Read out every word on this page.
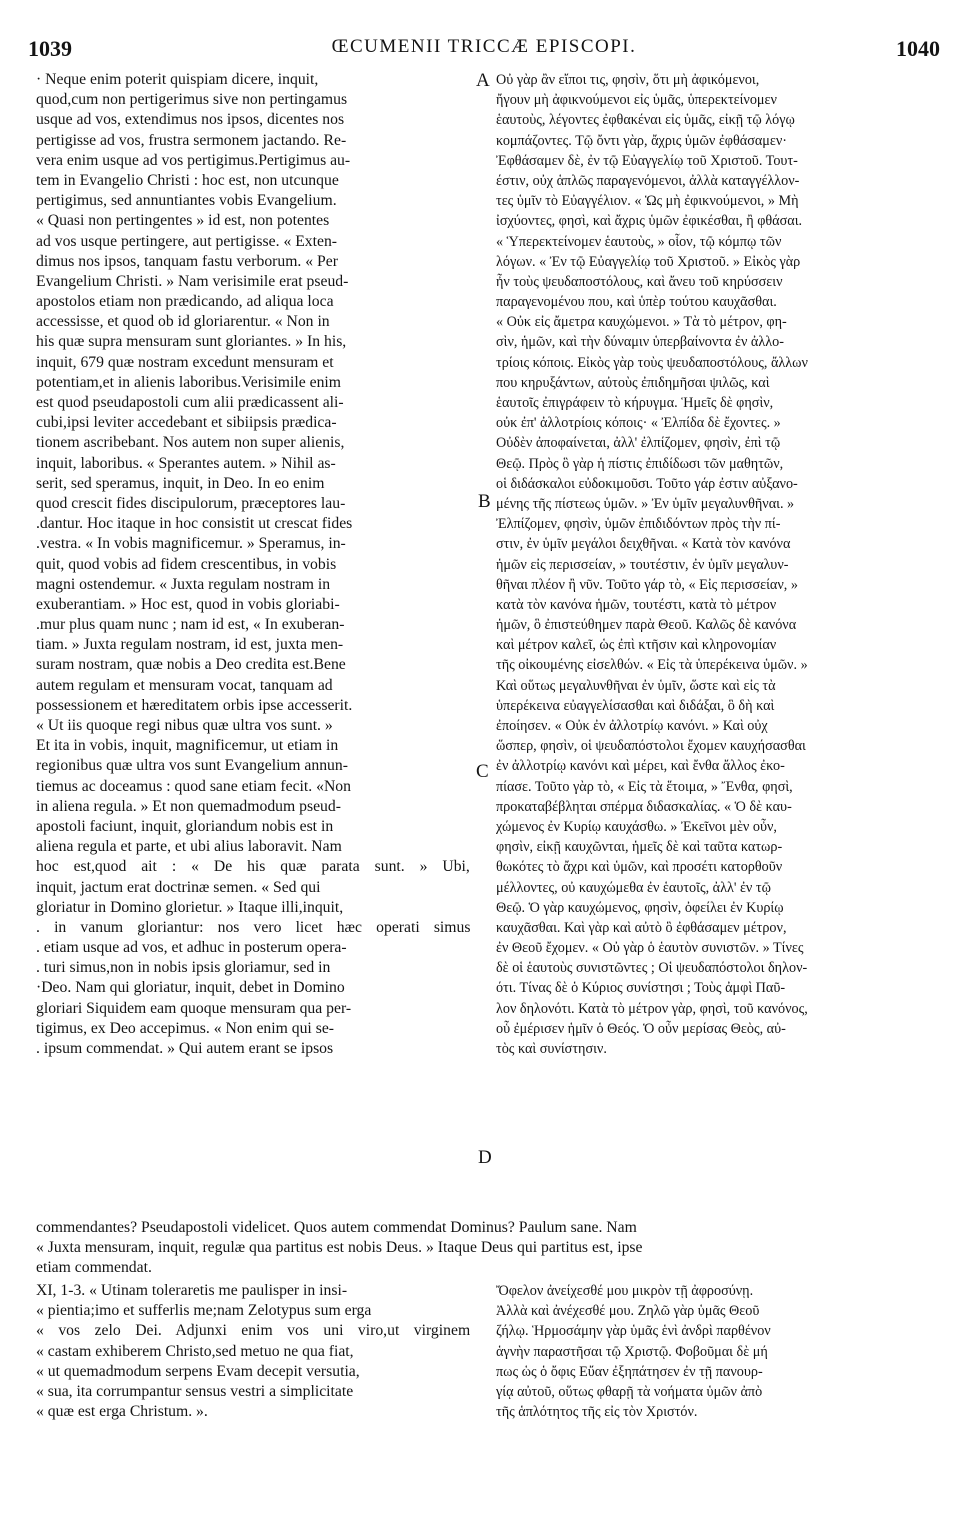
1039	ŒCUMENII TRICCÆ EPISCOPI.	1040
A
B
C
D
· Neque enim poterit quispiam dicere, inquit,
quod,cum non pertigerimus sive non pertingamus
usque ad vos, extendimus nos ipsos, dicentes nos
pertigisse ad vos, frustra sermonem jactando. Re-
vera enim usque ad vos pertigimus.Pertigimus au-
tem in Evangelio Christi : hoc est, non utcunque
pertigimus, sed annuntiantes vobis Evangelium.
« Quasi non pertingentes » id est, non potentes
ad vos usque pertingere, aut pertigisse. « Exten-
dimus nos ipsos, tanquam fastu verborum. « Per
Evangelium Christi. » Nam verisimile erat pseud-
apostolos etiam non prædicando, ad aliqua loca
accessisse, et quod ob id gloriarentur. « Non in
his quæ supra mensuram sunt gloriantes. » In his,
inquit, 679 quæ nostram excedunt mensuram et
potentiam,et in alienis laboribus.Verisimile enim
est quod pseudapostoli cum alii prædicassent ali-
cubi,ipsi leviter accedebant et sibiipsis prædica-
tionem ascribebant. Nos autem non super alienis,
inquit, laboribus. « Sperantes autem. » Nihil as-
serit, sed speramus, inquit, in Deo. In eo enim
quod crescit fides discipulorum, præceptores lau-
.dantur. Hoc itaque in hoc consistit ut crescat fides
.vestra. « In vobis magnificemur. » Speramus, in-
quit, quod vobis ad fidem crescentibus, in vobis
magni ostendemur. « Juxta regulam nostram in
exuberantiam. » Hoc est, quod in vobis gloriabi-
.mur plus quam nunc ; nam id est, « In exuberan-
tiam. » Juxta regulam nostram, id est, juxta men-
suram nostram, quæ nobis a Deo credita est.Bene
autem regulam et mensuram vocat, tanquam ad
possessionem et hæreditatem orbis ipse accesserit.
« Ut iis quoque regi nibus quæ ultra vos sunt. »
Et ita in vobis, inquit, magnificemur, ut etiam in
regionibus quæ ultra vos sunt Evangelium annun-
tiemus ac doceamus : quod sane etiam fecit. «Non
in aliena regula. » Et non quemadmodum pseud-
apostoli faciunt, inquit, gloriandum nobis est in
aliena regula et parte, et ubi alius laboravit. Nam
hoc est,quod ait : « De his quæ parata sunt. » Ubi,
inquit, jactum erat doctrinæ semen. « Sed qui
gloriatur in Domino glorietur. » Itaque illi,inquit,
. in vanum gloriantur: nos vero licet hæc operati simus
. etiam usque ad vos, et adhuc in posterum opera-
. turi simus,non in nobis ipsis gloriamur, sed in
·Deo. Nam qui gloriatur, inquit, debet in Domino
gloriari Siquidem eam quoque mensuram qua per-
tigimus, ex Deo accepimus. « Non enim qui se-
. ipsum commendat. » Qui autem erant se ipsos
Οὐ γὰρ ἂν εἴποι τις, φησὶν, ὅτι μὴ ἀφικόμενοι,
ἤγουν μὴ ἀφικνούμενοι εἰς ὑμᾶς, ὑπερεκτείνομεν
ἑαυτοὺς, λέγοντες ἐφθακέναι εἰς ὑμᾶς, εἰκῇ τῷ λόγῳ
κομπάζοντες. Τῷ ὄντι γὰρ, ἄχρις ὑμῶν ἐφθάσαμεν·
Ἐφθάσαμεν δὲ, ἐν τῷ Εὐαγγελίῳ τοῦ Χριστοῦ. Τουτ-
έστιν, οὐχ ἁπλῶς παραγενόμενοι, ἀλλὰ καταγγέλλον-
τες ὑμῖν τὸ Εὐαγγέλιον. « Ὡς μὴ ἐφικνούμενοι, » Μὴ
ἰσχύοντες, φησὶ, καὶ ἄχρις ὑμῶν ἐφικέσθαι, ἢ φθάσαι.
« Ὑπερεκτείνομεν ἑαυτοὺς, » οἷον, τῷ κόμπῳ τῶν
λόγων. « Ἐν τῷ Εὐαγγελίῳ τοῦ Χριστοῦ. » Εἰκὸς γὰρ
ἦν τοὺς ψευδαποστόλους, καὶ ἄνευ τοῦ κηρύσσειν
παραγενομένου που, καὶ ὑπὲρ τούτου καυχᾶσθαι.
« Οὐκ εἰς ἄμετρα καυχώμενοι. » Τὰ τὸ μέτρον, φη-
σὶν, ἡμῶν, καὶ τὴν δύναμιν ὑπερβαίνοντα ἐν ἀλλο-
τρίοις κόποις. Εἰκὸς γὰρ τοὺς ψευδαποστόλους, ἄλλων
που κηρυξάντων, αὐτοὺς ἐπιδημῆσαι ψιλῶς, καὶ
ἑαυτοῖς ἐπιγράφειν τὸ κήρυγμα. Ἡμεῖς δὲ φησὶν,
οὐκ ἐπ' ἀλλοτρίοις κόποις· « Ἐλπίδα δὲ ἔχοντες. »
Οὐδὲν ἀποφαίνεται, ἀλλ' ἐλπίζομεν, φησὶν, ἐπὶ τῷ
Θεῷ. Πρὸς ὃ γὰρ ἡ πίστις ἐπιδίδωσι τῶν μαθητῶν,
οἱ διδάσκαλοι εὐδοκιμοῦσι. Τοῦτο γάρ ἐστιν αὐξανο-
μένης τῆς πίστεως ὑμῶν. » Ἐν ὑμῖν μεγαλυνθῆναι. »
Ἐλπίζομεν, φησὶν, ὑμῶν ἐπιδιδόντων πρὸς τὴν πί-
στιν, ἐν ὑμῖν μεγάλοι δειχθῆναι. « Κατὰ τὸν κανόνα
ἡμῶν εἰς περισσείαν, » τουτέστιν, ἐν ὑμῖν μεγαλυν-
θῆναι πλέον ἢ νῦν. Τοῦτο γάρ τὸ, « Εἰς περισσείαν, »
κατὰ τὸν κανόνα ἡμῶν, τουτέστι, κατὰ τὸ μέτρον
ἡμῶν, ὃ ἐπιστεύθημεν παρὰ Θεοῦ. Καλῶς δὲ κανόνα
καὶ μέτρον καλεῖ, ὡς ἐπὶ κτῆσιν καὶ κληρονομίαν
τῆς οἰκουμένης εἰσελθών. « Εἰς τὰ ὑπερέκεινα ὑμῶν. »
Καὶ οὕτως μεγαλυνθῆναι ἐν ὑμῖν, ὥστε καὶ εἰς τὰ
ὑπερέκεινα εὐαγγελίσασθαι καὶ διδάξαι, ὃ δὴ καὶ
ἐποίησεν. « Οὐκ ἐν ἀλλοτρίῳ κανόνι. » Καὶ οὐχ
ὥσπερ, φησὶν, οἱ ψευδαπόστολοι ἔχομεν καυχήσασθαι
ἐν ἀλλοτρίῳ κανόνι καὶ μέρει, καὶ ἔνθα ἄλλος ἐκο-
πίασε. Τοῦτο γὰρ τὸ, « Εἰς τὰ ἕτοιμα, » Ἔνθα, φησὶ,
προκαταβέβληται σπέρμα διδασκαλίας. « Ὁ δὲ καυ-
χώμενος ἐν Κυρίῳ καυχάσθω. » Ἐκεῖνοι μὲν οὖν,
φησὶν, εἰκῇ καυχῶνται, ἡμεῖς δὲ καὶ ταῦτα κατωρ-
θωκότες τὸ ἄχρι καὶ ὑμῶν, καὶ προσέτι κατορθοῦν
μέλλοντες, οὐ καυχώμεθα ἐν ἑαυτοῖς, ἀλλ' ἐν τῷ
Θεῷ. Ὁ γὰρ καυχώμενος, φησὶν, ὀφείλει ἐν Κυρίῳ
καυχᾶσθαι. Καὶ γὰρ καὶ αὐτὸ ὃ ἐφθάσαμεν μέτρον,
ἐν Θεοῦ ἔχομεν. « Οὐ γὰρ ὁ ἑαυτὸν συνιστῶν. » Τίνες
δὲ οἱ ἑαυτοὺς συνιστῶντες ; Οἱ ψευδαπόστολοι δηλον-
ότι. Τίνας δὲ ὁ Κύριος συνίστησι ; Τοὺς ἀμφὶ Παῦ-
λον δηλονότι. Κατὰ τὸ μέτρον γὰρ, φησὶ, τοῦ κανόνος,
οὗ ἐμέρισεν ἡμῖν ὁ Θεός. Ὁ οὖν μερίσας Θεὸς, αὐ-
τὸς καὶ συνίστησιν.
commendantes? Pseudapostoli videlicet. Quos autem commendat Dominus? Paulum sane. Nam
« Juxta mensuram, inquit, regulæ qua partitus est nobis Deus. » Itaque Deus qui partitus est, ipse
etiam commendat.
XI, 1-3. « Utinam toleraretis me paulisper in insi-
« pientia;imo et sufferlis me;nam Zelotypus sum erga
« vos zelo Dei. Adjunxi enim vos uni viro,ut virginem
« castam exhiberem Christo,sed metuo ne qua fiat,
« ut quemadmodum serpens Evam decepit versutia,
« sua, ita corrumpantur sensus vestri a simplicitate
« quæ est erga Christum. ».
Ὄφελον ἀνείχεσθέ μου μικρὸν τῇ ἀφροσύνῃ.
Ἀλλὰ καὶ ἀνέχεσθέ μου. Ζηλῶ γὰρ ὑμᾶς Θεοῦ
ζήλῳ. Ἡρμοσάμην γὰρ ὑμᾶς ἑνὶ ἀνδρὶ παρθένον
ἁγνὴν παραστῆσαι τῷ Χριστῷ. Φοβοῦμαι δὲ μή
πως ὡς ὁ ὄφις Εὔαν ἐξηπάτησεν ἐν τῇ πανουρ-
γίᾳ αὐτοῦ, οὕτως φθαρῇ τὰ νοήματα ὑμῶν ἀπὸ
τῆς ἁπλότητος τῆς εἰς τὸν Χριστόν.
